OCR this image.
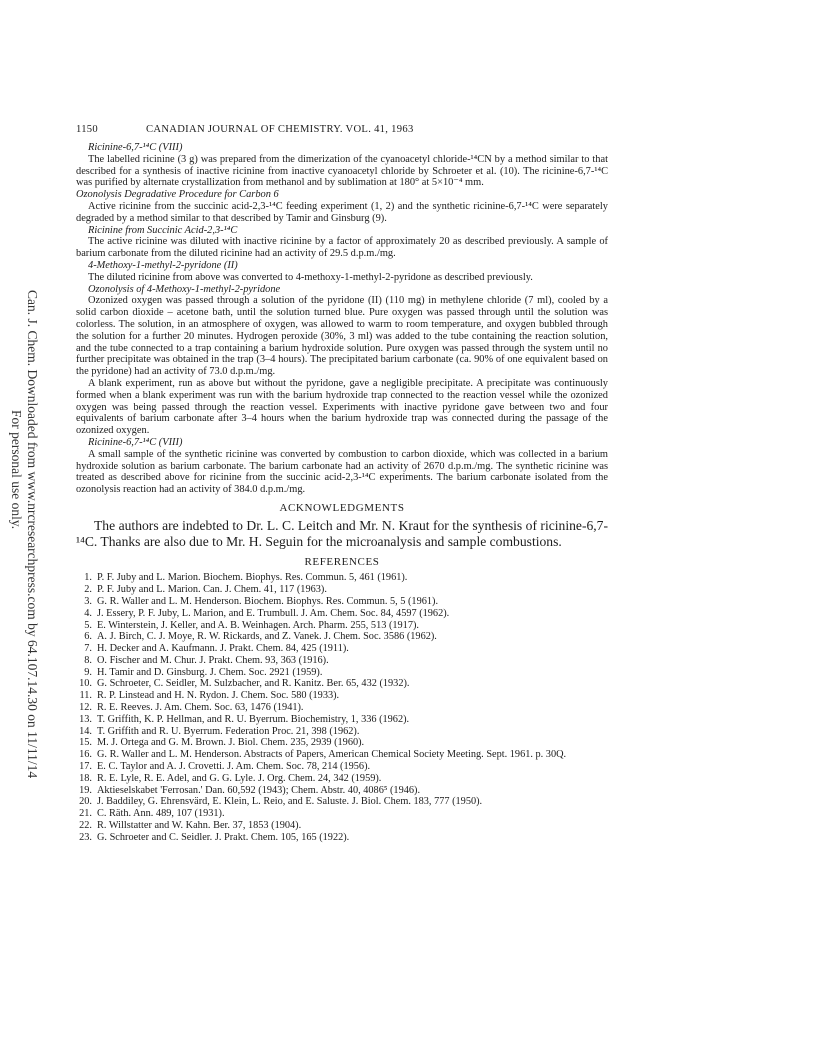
Can. J. Chem. Downloaded from www.nrcresearchpress.com by 64.107.14.30 on 11/11/14
For personal use only.
1150	CANADIAN JOURNAL OF CHEMISTRY. VOL. 41, 1963
Ricinine-6,7-¹⁴C (VIII)

The labelled ricinine (3 g) was prepared from the dimerization of the cyanoacetyl chloride-¹⁴CN by a method similar to that described for a synthesis of inactive ricinine from inactive cyanoacetyl chloride by Schroeter et al. (10). The ricinine-6,7-¹⁴C was purified by alternate crystallization from methanol and by sublimation at 180° at 5×10⁻⁴ mm.

Ozonolysis Degradative Procedure for Carbon 6

Active ricinine from the succinic acid-2,3-¹⁴C feeding experiment (1, 2) and the synthetic ricinine-6,7-¹⁴C were separately degraded by a method similar to that described by Tamir and Ginsburg (9).

Ricinine from Succinic Acid-2,3-¹⁴C

The active ricinine was diluted with inactive ricinine by a factor of approximately 20 as described previously. A sample of barium carbonate from the diluted ricinine had an activity of 29.5 d.p.m./mg.

4-Methoxy-1-methyl-2-pyridone (II)

The diluted ricinine from above was converted to 4-methoxy-1-methyl-2-pyridone as described previously.

Ozonolysis of 4-Methoxy-1-methyl-2-pyridone

Ozonized oxygen was passed through a solution of the pyridone (II) (110 mg) in methylene chloride (7 ml), cooled by a solid carbon dioxide – acetone bath, until the solution turned blue. Pure oxygen was passed through until the solution was colorless. The solution, in an atmosphere of oxygen, was allowed to warm to room temperature, and oxygen bubbled through the solution for a further 20 minutes. Hydrogen peroxide (30%, 3 ml) was added to the tube containing the reaction solution, and the tube connected to a trap containing a barium hydroxide solution. Pure oxygen was passed through the system until no further precipitate was obtained in the trap (3–4 hours). The precipitated barium carbonate (ca. 90% of one equivalent based on the pyridone) had an activity of 73.0 d.p.m./mg.

A blank experiment, run as above but without the pyridone, gave a negligible precipitate. A precipitate was continuously formed when a blank experiment was run with the barium hydroxide trap connected to the reaction vessel while the ozonized oxygen was being passed through the reaction vessel. Experiments with inactive pyridone gave between two and four equivalents of barium carbonate after 3–4 hours when the barium hydroxide trap was connected during the passage of the ozonized oxygen.

Ricinine-6,7-¹⁴C (VIII)

A small sample of the synthetic ricinine was converted by combustion to carbon dioxide, which was collected in a barium hydroxide solution as barium carbonate. The barium carbonate had an activity of 2670 d.p.m./mg. The synthetic ricinine was treated as described above for ricinine from the succinic acid-2,3-¹⁴C experiments. The barium carbonate isolated from the ozonolysis reaction had an activity of 384.0 d.p.m./mg.

ACKNOWLEDGMENTS

The authors are indebted to Dr. L. C. Leitch and Mr. N. Kraut for the synthesis of ricinine-6,7-¹⁴C. Thanks are also due to Mr. H. Seguin for the microanalysis and sample combustions.

REFERENCES
1. P. F. Juby and L. Marion. Biochem. Biophys. Res. Commun. 5, 461 (1961).
2. P. F. Juby and L. Marion. Can. J. Chem. 41, 117 (1963).
3. G. R. Waller and L. M. Henderson. Biochem. Biophys. Res. Commun. 5, 5 (1961).
4. J. Essery, P. F. Juby, L. Marion, and E. Trumbull. J. Am. Chem. Soc. 84, 4597 (1962).
5. E. Winterstein, J. Keller, and A. B. Weinhagen. Arch. Pharm. 255, 513 (1917).
6. A. J. Birch, C. J. Moye, R. W. Rickards, and Z. Vanek. J. Chem. Soc. 3586 (1962).
7. H. Decker and A. Kaufmann. J. Prakt. Chem. 84, 425 (1911).
8. O. Fischer and M. Chur. J. Prakt. Chem. 93, 363 (1916).
9. H. Tamir and D. Ginsburg. J. Chem. Soc. 2921 (1959).
10. G. Schroeter, C. Seidler, M. Sulzbacher, and R. Kanitz. Ber. 65, 432 (1932).
11. R. P. Linstead and H. N. Rydon. J. Chem. Soc. 580 (1933).
12. R. E. Reeves. J. Am. Chem. Soc. 63, 1476 (1941).
13. T. Griffith, K. P. Hellman, and R. U. Byerrum. Biochemistry, 1, 336 (1962).
14. T. Griffith and R. U. Byerrum. Federation Proc. 21, 398 (1962).
15. M. J. Ortega and G. M. Brown. J. Biol. Chem. 235, 2939 (1960).
16. G. R. Waller and L. M. Henderson. Abstracts of Papers, American Chemical Society Meeting. Sept. 1961. p. 30Q.
17. E. C. Taylor and A. J. Crovetti. J. Am. Chem. Soc. 78, 214 (1956).
18. R. E. Lyle, R. E. Adel, and G. G. Lyle. J. Org. Chem. 24, 342 (1959).
19. Aktieselskabet 'Ferrosan.' Dan. 60,592 (1943); Chem. Abstr. 40, 4086⁵ (1946).
20. J. Baddiley, G. Ehrensvärd, E. Klein, L. Reio, and E. Saluste. J. Biol. Chem. 183, 777 (1950).
21. C. Räth. Ann. 489, 107 (1931).
22. R. Willstatter and W. Kahn. Ber. 37, 1853 (1904).
23. G. Schroeter and C. Seidler. J. Prakt. Chem. 105, 165 (1922).
